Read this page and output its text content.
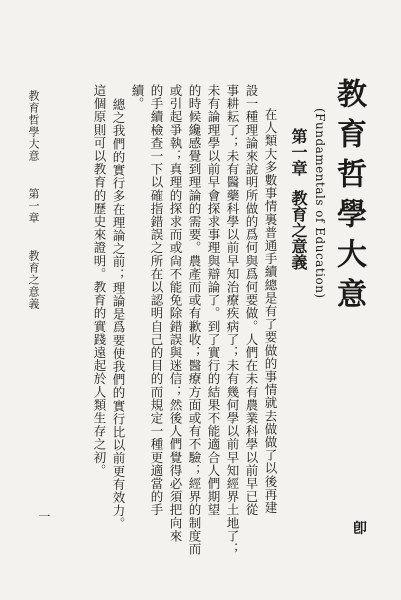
教育哲學大意
(Fundamentals of Education)
第一章教育之意義
在人類大多數事情裏普通手續總是有了要做的事情就去做做了以後再建
設一種理論來說明所做的爲何與爲何要做。人們在未有農業科學以前早已從
事耕耘了；未有醫藥科學以前早知治療疾病了；未有幾何學以前早知經界土地了；
未有論理學以前早會探求事理與辯論了。到了實行的結果不能適合人們期望
的時候纔感覺到理論的需要。農產而或有歉收；醫療方面或有不驗；經界的制度而
或引起爭執；真理的探求而或尙不能免除錯誤與迷信；然後人們覺得必須把向來
的手續檢查一下以確指錯誤之所在以認明自己的目的而規定一種更適當的手
續。
總之我們的實行多在理論之前；理論是爲要使我們的實行比以前更有效力。
這個原則可以教育的歷史來證明。教育的實踐遠起於人類生存之初。
教育哲學大意第一章教育之意義
一
卽
